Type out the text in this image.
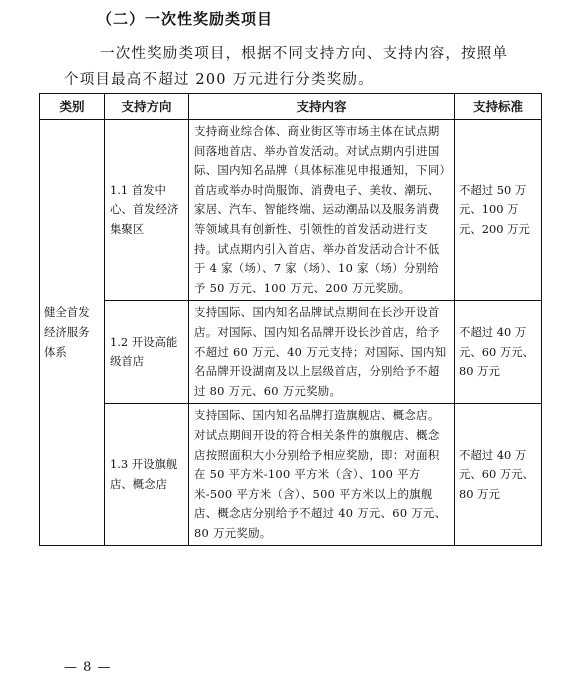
（二）一次性奖励类项目
一次性奖励类项目，根据不同支持方向、支持内容，按照单
个项目最高不超过 200 万元进行分类奖励。
类别	支持方向	支持内容	支持标准
健全首发经济服务体系	1.1 首发中心、首发经济集聚区	支持商业综合体、商业街区等市场主体在试点期间落地首店、举办首发活动。对试点期内引进国际、国内知名品牌（具体标准见申报通知，下同）首店或举办时尚服饰、消费电子、美妆、潮玩、家居、汽车、智能终端、运动潮品以及服务消费等领域具有创新性、引领性的首发活动进行支持。试点期内引入首店、举办首发活动合计不低于 4 家（场）、7 家（场）、10 家（场）分别给予 50 万元、100 万元、200 万元奖励。	不超过 50 万元、100 万元、200 万元
	1.2 开设高能级首店	支持国际、国内知名品牌试点期间在长沙开设首店。对国际、国内知名品牌开设长沙首店，给予不超过 60 万元、40 万元支持；对国际、国内知名品牌开设湖南及以上层级首店，分别给予不超过 80 万元、60 万元奖励。	不超过 40 万元、60 万元、80 万元
	1.3 开设旗舰店、概念店	支持国际、国内知名品牌打造旗舰店、概念店。对试点期间开设的符合相关条件的旗舰店、概念店按照面积大小分别给予相应奖励，即：对面积在 50 平方米-100 平方米（含）、100 平方米-500 平方米（含）、500 平方米以上的旗舰店、概念店分别给予不超过 40 万元、60 万元、80 万元奖励。	不超过 40 万元、60 万元、80 万元
— 8 —
